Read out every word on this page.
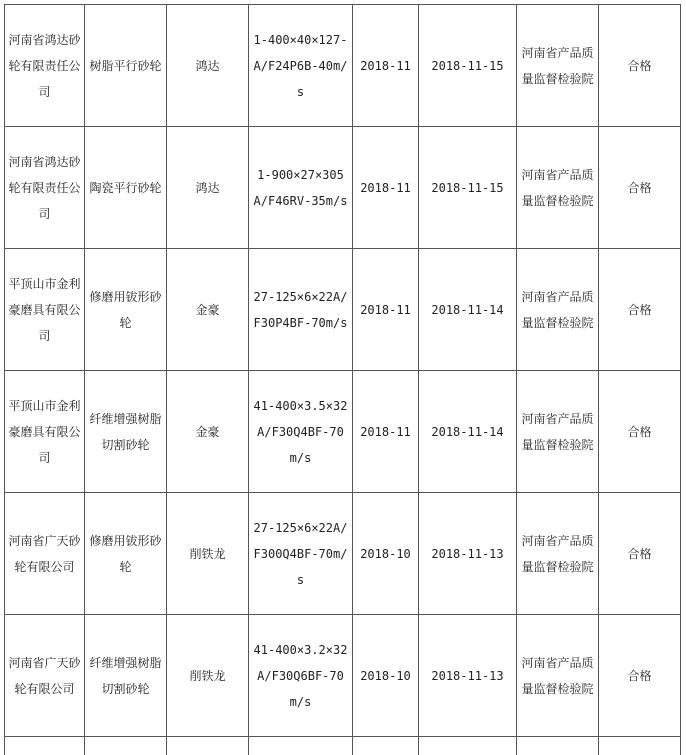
河南省鸿达砂轮有限责任公司	树脂平行砂轮	鸿达	1-400×40×127-A/F24P6B-40m/s	2018-11	2018-11-15	河南省产品质量监督检验院	合格
河南省鸿达砂轮有限责任公司	陶瓷平行砂轮	鸿达	1-900×27×305A/F46RV-35m/s	2018-11	2018-11-15	河南省产品质量监督检验院	合格
平顶山市金利豪磨具有限公司	修磨用钹形砂轮	金豪	27-125×6×22A/F30P4BF-70m/s	2018-11	2018-11-14	河南省产品质量监督检验院	合格
平顶山市金利豪磨具有限公司	纤维增强树脂切割砂轮	金豪	41-400×3.5×32A/F30Q4BF-70m/s	2018-11	2018-11-14	河南省产品质量监督检验院	合格
河南省广天砂轮有限公司	修磨用钹形砂轮	削铁龙	27-125×6×22A/F300Q4BF-70m/s	2018-10	2018-11-13	河南省产品质量监督检验院	合格
河南省广天砂轮有限公司	纤维增强树脂切割砂轮	削铁龙	41-400×3.2×32A/F30Q6BF-70m/s	2018-10	2018-11-13	河南省产品质量监督检验院	合格
